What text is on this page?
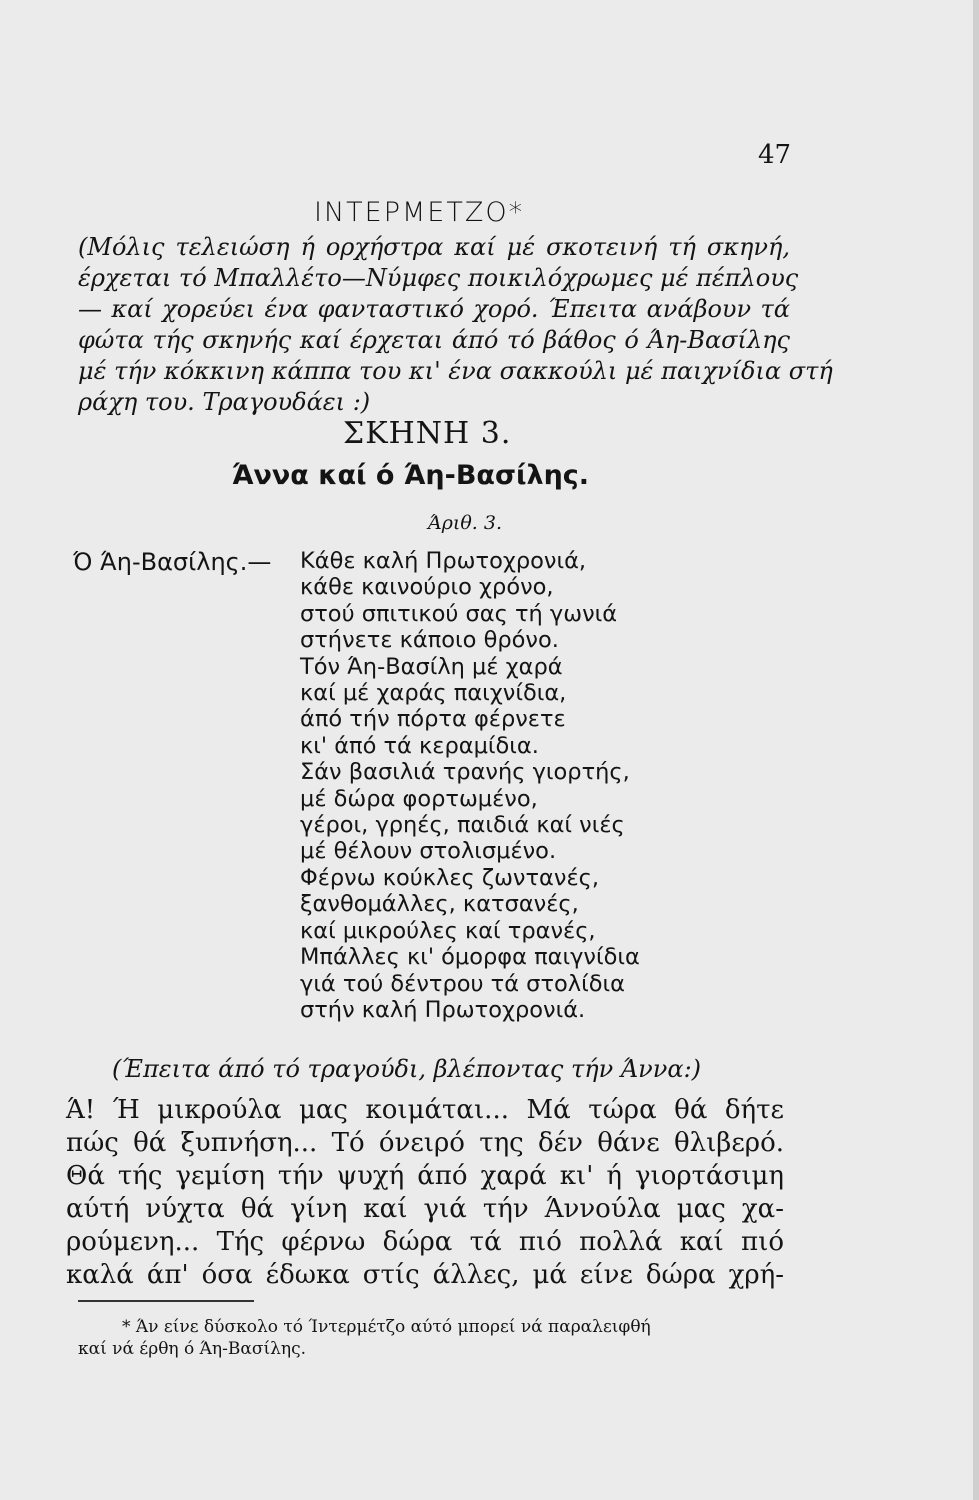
47
ΙΝΤΕΡΜΕΤΖΟ*
(Μόλις τελειώση ή ορχήστρα καί μέ σκοτεινή τή σκηνή,
έρχεται τό Μπαλλέτο—Νύμφες ποικιλόχρωμες μέ πέπλους
— καί χορεύει ένα φανταστικό χορό. Έπειτα ανάβουν τά
φώτα τής σκηνής καί έρχεται άπό τό βάθος ό Άη-Βασίλης
μέ τήν κόκκινη κάππα του κι' ένα σακκούλι μέ παιχνίδια στή
ράχη του. Τραγουδάει :)
ΣΚΗΝΗ 3.
Άννα καί ό Άη-Βασίλης.
Άριθ. 3.
Ό Άη-Βασίλης.— Κάθε καλή Πρωτοχρονιά,
κάθε καινούριο χρόνο,
στού σπιτικού σας τή γωνιά
στήνετε κάποιο θρόνο.
Τόν Άη-Βασίλη μέ χαρά
καί μέ χαράς παιχνίδια,
άπό τήν πόρτα φέρνετε
κι' άπό τά κεραμίδια.
Σάν βασιλιά τρανής γιορτής,
μέ δώρα φορτωμένο,
γέροι, γρηές, παιδιά καί νιές
μέ θέλουν στολισμένο.
Φέρνω κούκλες ζωντανές,
ξανθομάλλες, κατσανές,
καί μικρούλες καί τρανές,
Μπάλλες κι' όμορφα παιγνίδια
γιά τού δέντρου τά στολίδια
στήν καλή Πρωτοχρονιά.
(Έπειτα άπό τό τραγούδι, βλέποντας τήν Άννα:)
Ά! Ή μικρούλα μας κοιμάται... Μά τώρα θά δήτε
πώς θά ξυπνήση... Τό όνειρό της δέν θάνε θλιβερό.
Θά τής γεμίση τήν ψυχή άπό χαρά κι' ή γιορτάσιμη
αύτή νύχτα θά γίνη καί γιά τήν Άννούλα μας χα-
ρούμενη... Τής φέρνω δώρα τά πιό πολλά καί πιό
καλά άπ' όσα έδωκα στίς άλλες, μά είνε δώρα χρή-
* Άν είνε δύσκολο τό Ίντερμέτζο αύτό μπορεί νά παραλειφθή
καί νά έρθη ό Άη-Βασίλης.
